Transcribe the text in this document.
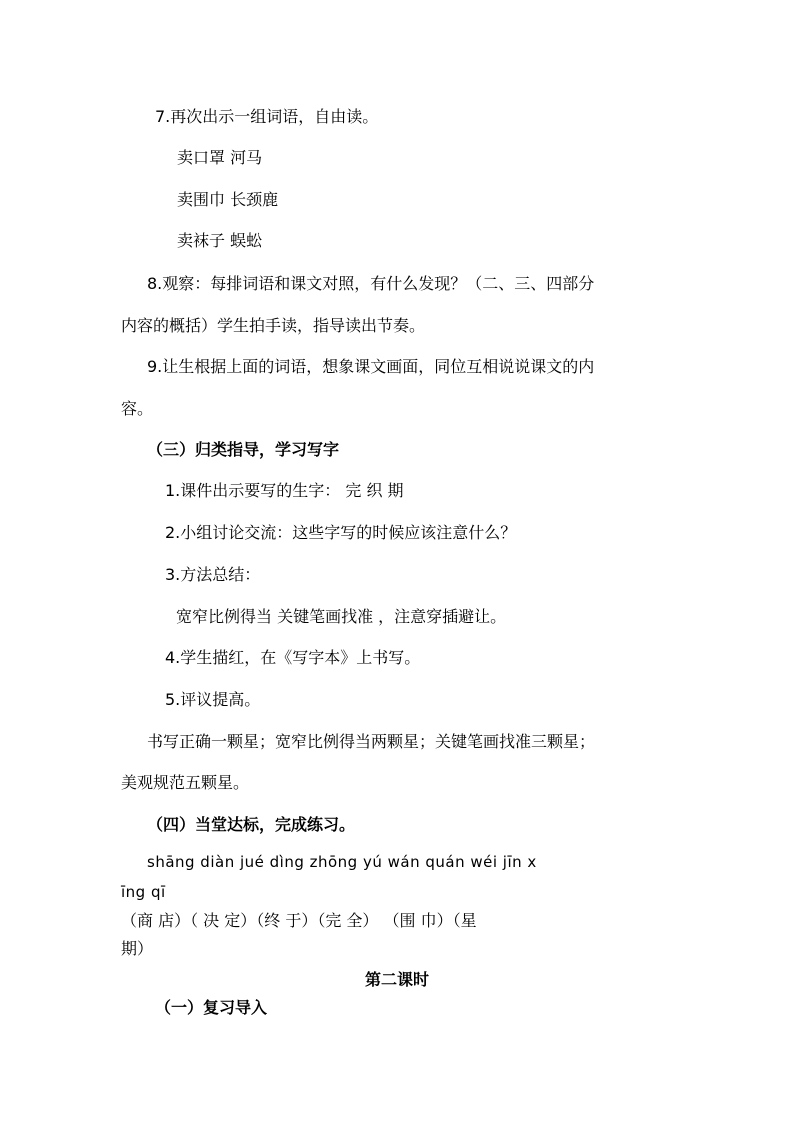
7.再次出示一组词语，自由读。
卖口罩 河马
卖围巾 长颈鹿
卖袜子 蜈蚣
8.观察：每排词语和课文对照，有什么发现？（二、三、四部分
内容的概括）学生拍手读，指导读出节奏。
9.让生根据上面的词语，想象课文画面，同位互相说说课文的内
容。
（三）归类指导，学习写字
1.课件出示要写的生字： 完 织 期
2.小组讨论交流：这些字写的时候应该注意什么？
3.方法总结：
宽窄比例得当 关键笔画找准 ，注意穿插避让。
4.学生描红，在《写字本》上书写。
5.评议提高。
书写正确一颗星；宽窄比例得当两颗星；关键笔画找准三颗星；
美观规范五颗星。
（四）当堂达标，完成练习。
shāng diàn jué dìng zhōng yú wán quán wéi jīn x
īng qī
（商 店）（ 决 定）（终 于）（完 全） （围 巾）（星
期）
第二课时
（一）复习导入
